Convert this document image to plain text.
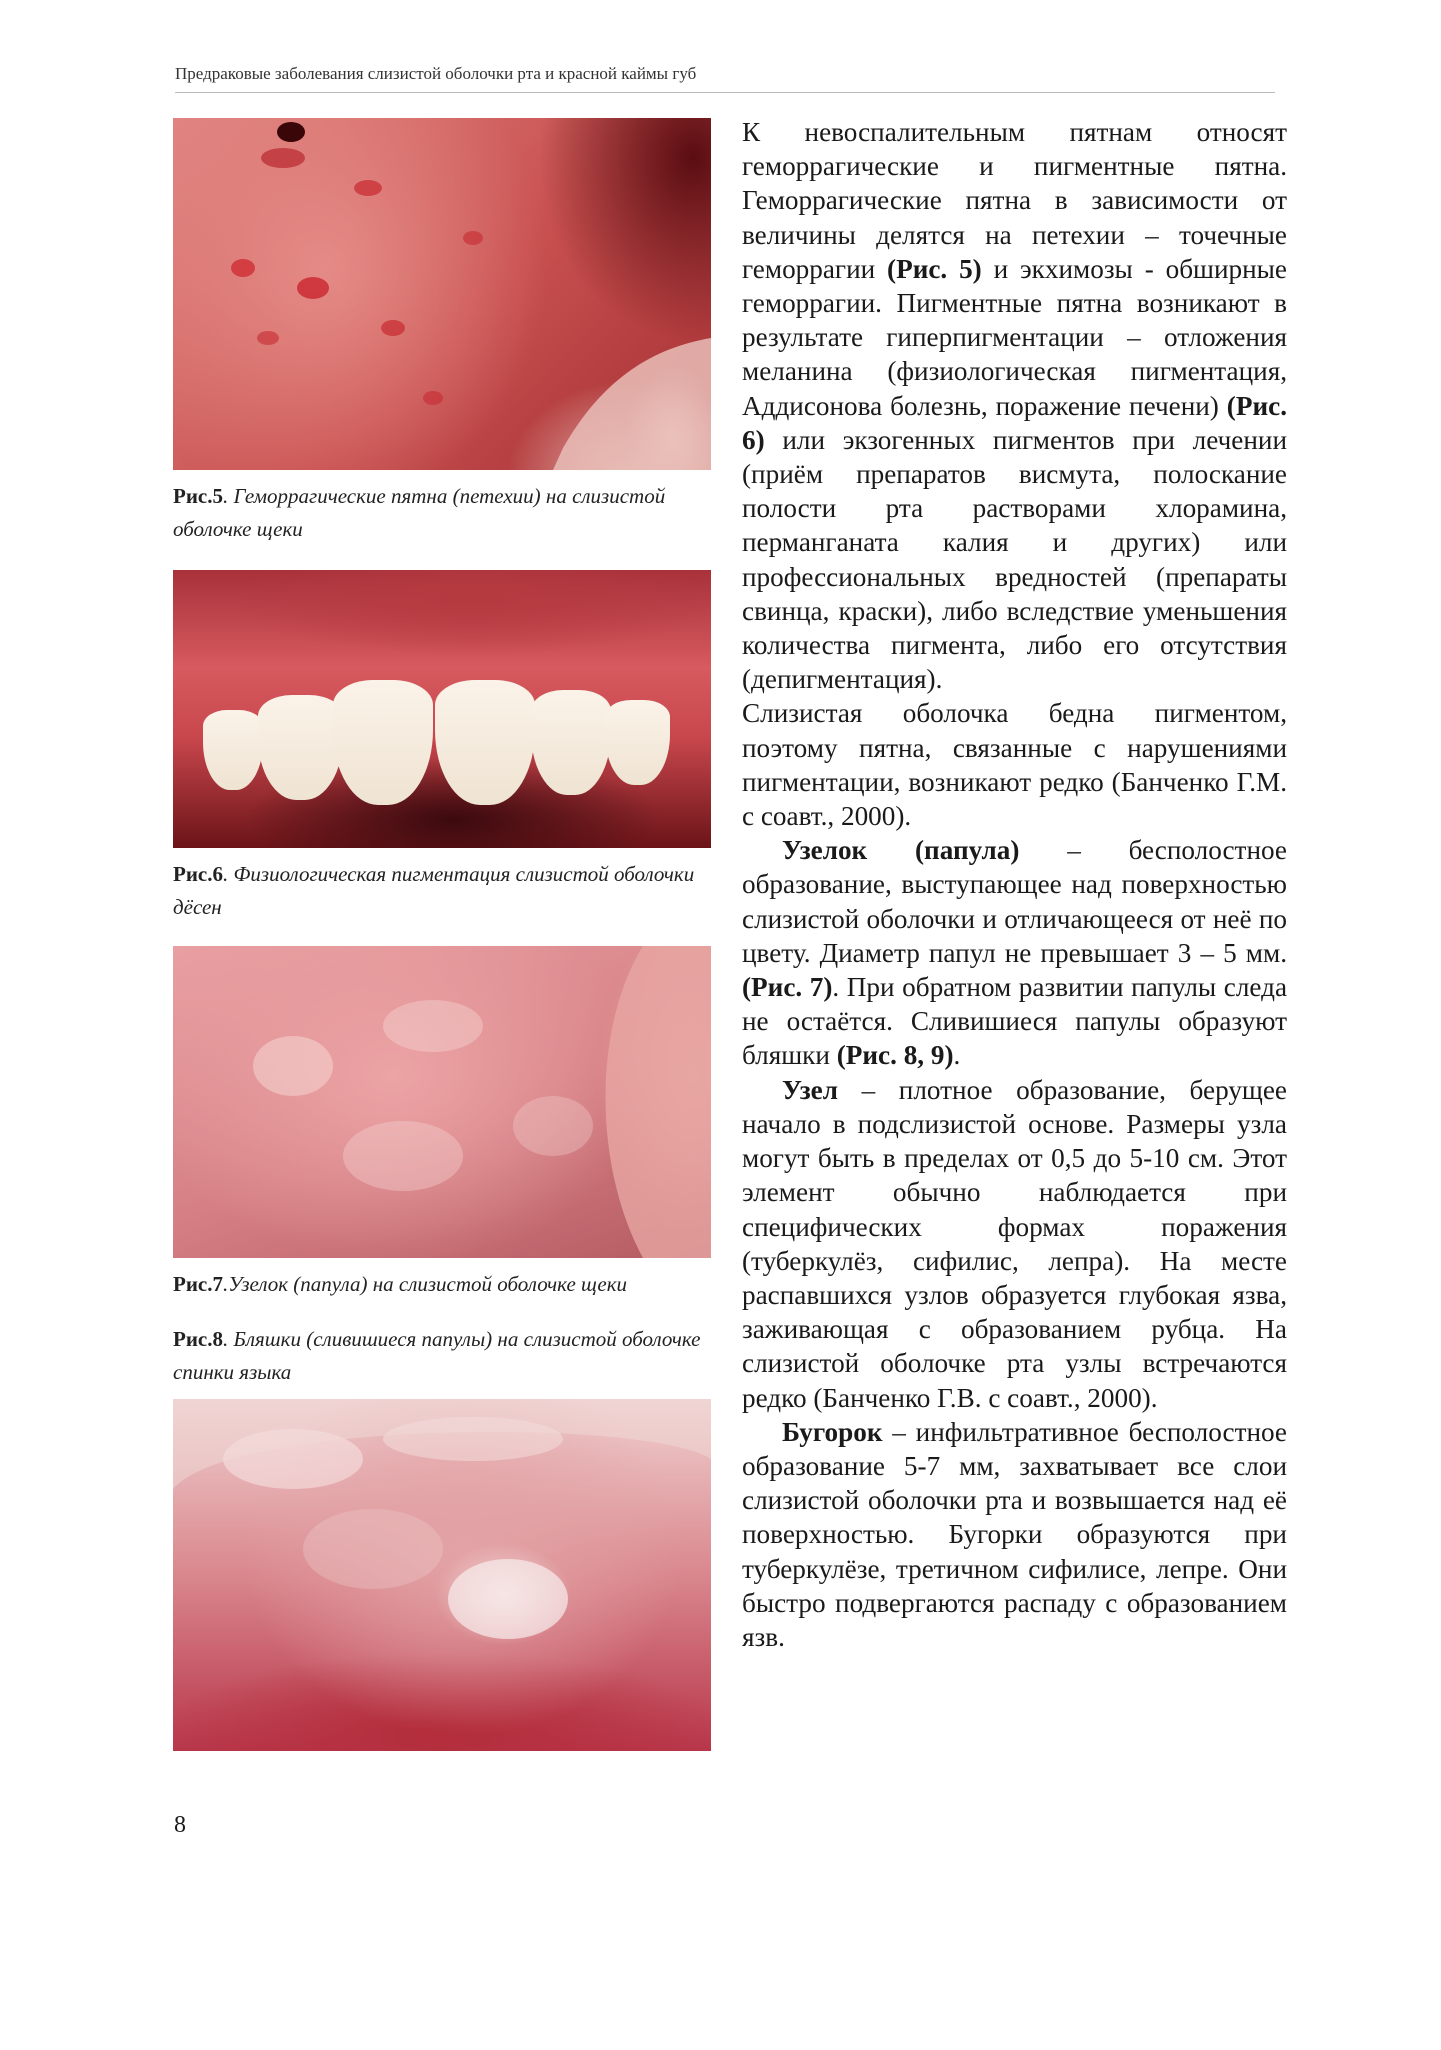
Предраковые заболевания слизистой оболочки рта и красной каймы губ
Рис.5. Геморрагические пятна (петехии) на слизистой оболочке щеки
Рис.6. Физиологическая пигментация слизистой оболочки дёсен
Рис.7.Узелок (папула) на слизистой оболочке щеки
Рис.8. Бляшки (сливишиеся папулы) на слизистой оболочке спинки языка

К невоспалительным пятнам относят геморрагические и пигментные пятна. Геморрагические пятна в зависимости от величины делятся на петехии – точечные геморрагии (Рис. 5) и экхимозы - обширные геморрагии. Пигментные пятна возникают в результате гиперпигментации – отложения меланина (физиологическая пигментация, Аддисонова болезнь, поражение печени) (Рис. 6) или экзогенных пигментов при лечении (приём препаратов висмута, полоскание полости рта растворами хлорамина, перманганата калия и других) или профессиональных вредностей (препараты свинца, краски), либо вследствие уменьшения количества пигмента, либо его отсутствия (депигментация).

Слизистая оболочка бедна пигментом, поэтому пятна, связанные с нарушениями пигментации, возникают редко (Банченко Г.М. с соавт., 2000).

Узелок (папула) – бесполостное образование, выступающее над поверхностью слизистой оболочки и отличающееся от неё по цвету. Диаметр папул не превышает 3 – 5 мм. (Рис. 7). При обратном развитии папулы следа не остаётся. Сливишиеся папулы образуют бляшки (Рис. 8, 9).

Узел – плотное образование, берущее начало в подслизистой основе. Размеры узла могут быть в пределах от 0,5 до 5-10 см. Этот элемент обычно наблюдается при специфических формах поражения (туберкулёз, сифилис, лепра). На месте распавшихся узлов образуется глубокая язва, заживающая с образованием рубца. На слизистой оболочке рта узлы встречаются редко (Банченко Г.В. с соавт., 2000).

Бугорок – инфильтративное бесполостное образование 5-7 мм, захватывает все слои слизистой оболочки рта и возвышается над её поверхностью. Бугорки образуются при туберкулёзе, третичном сифилисе, лепре. Они быстро подвергаются распаду с образованием язв.

8
